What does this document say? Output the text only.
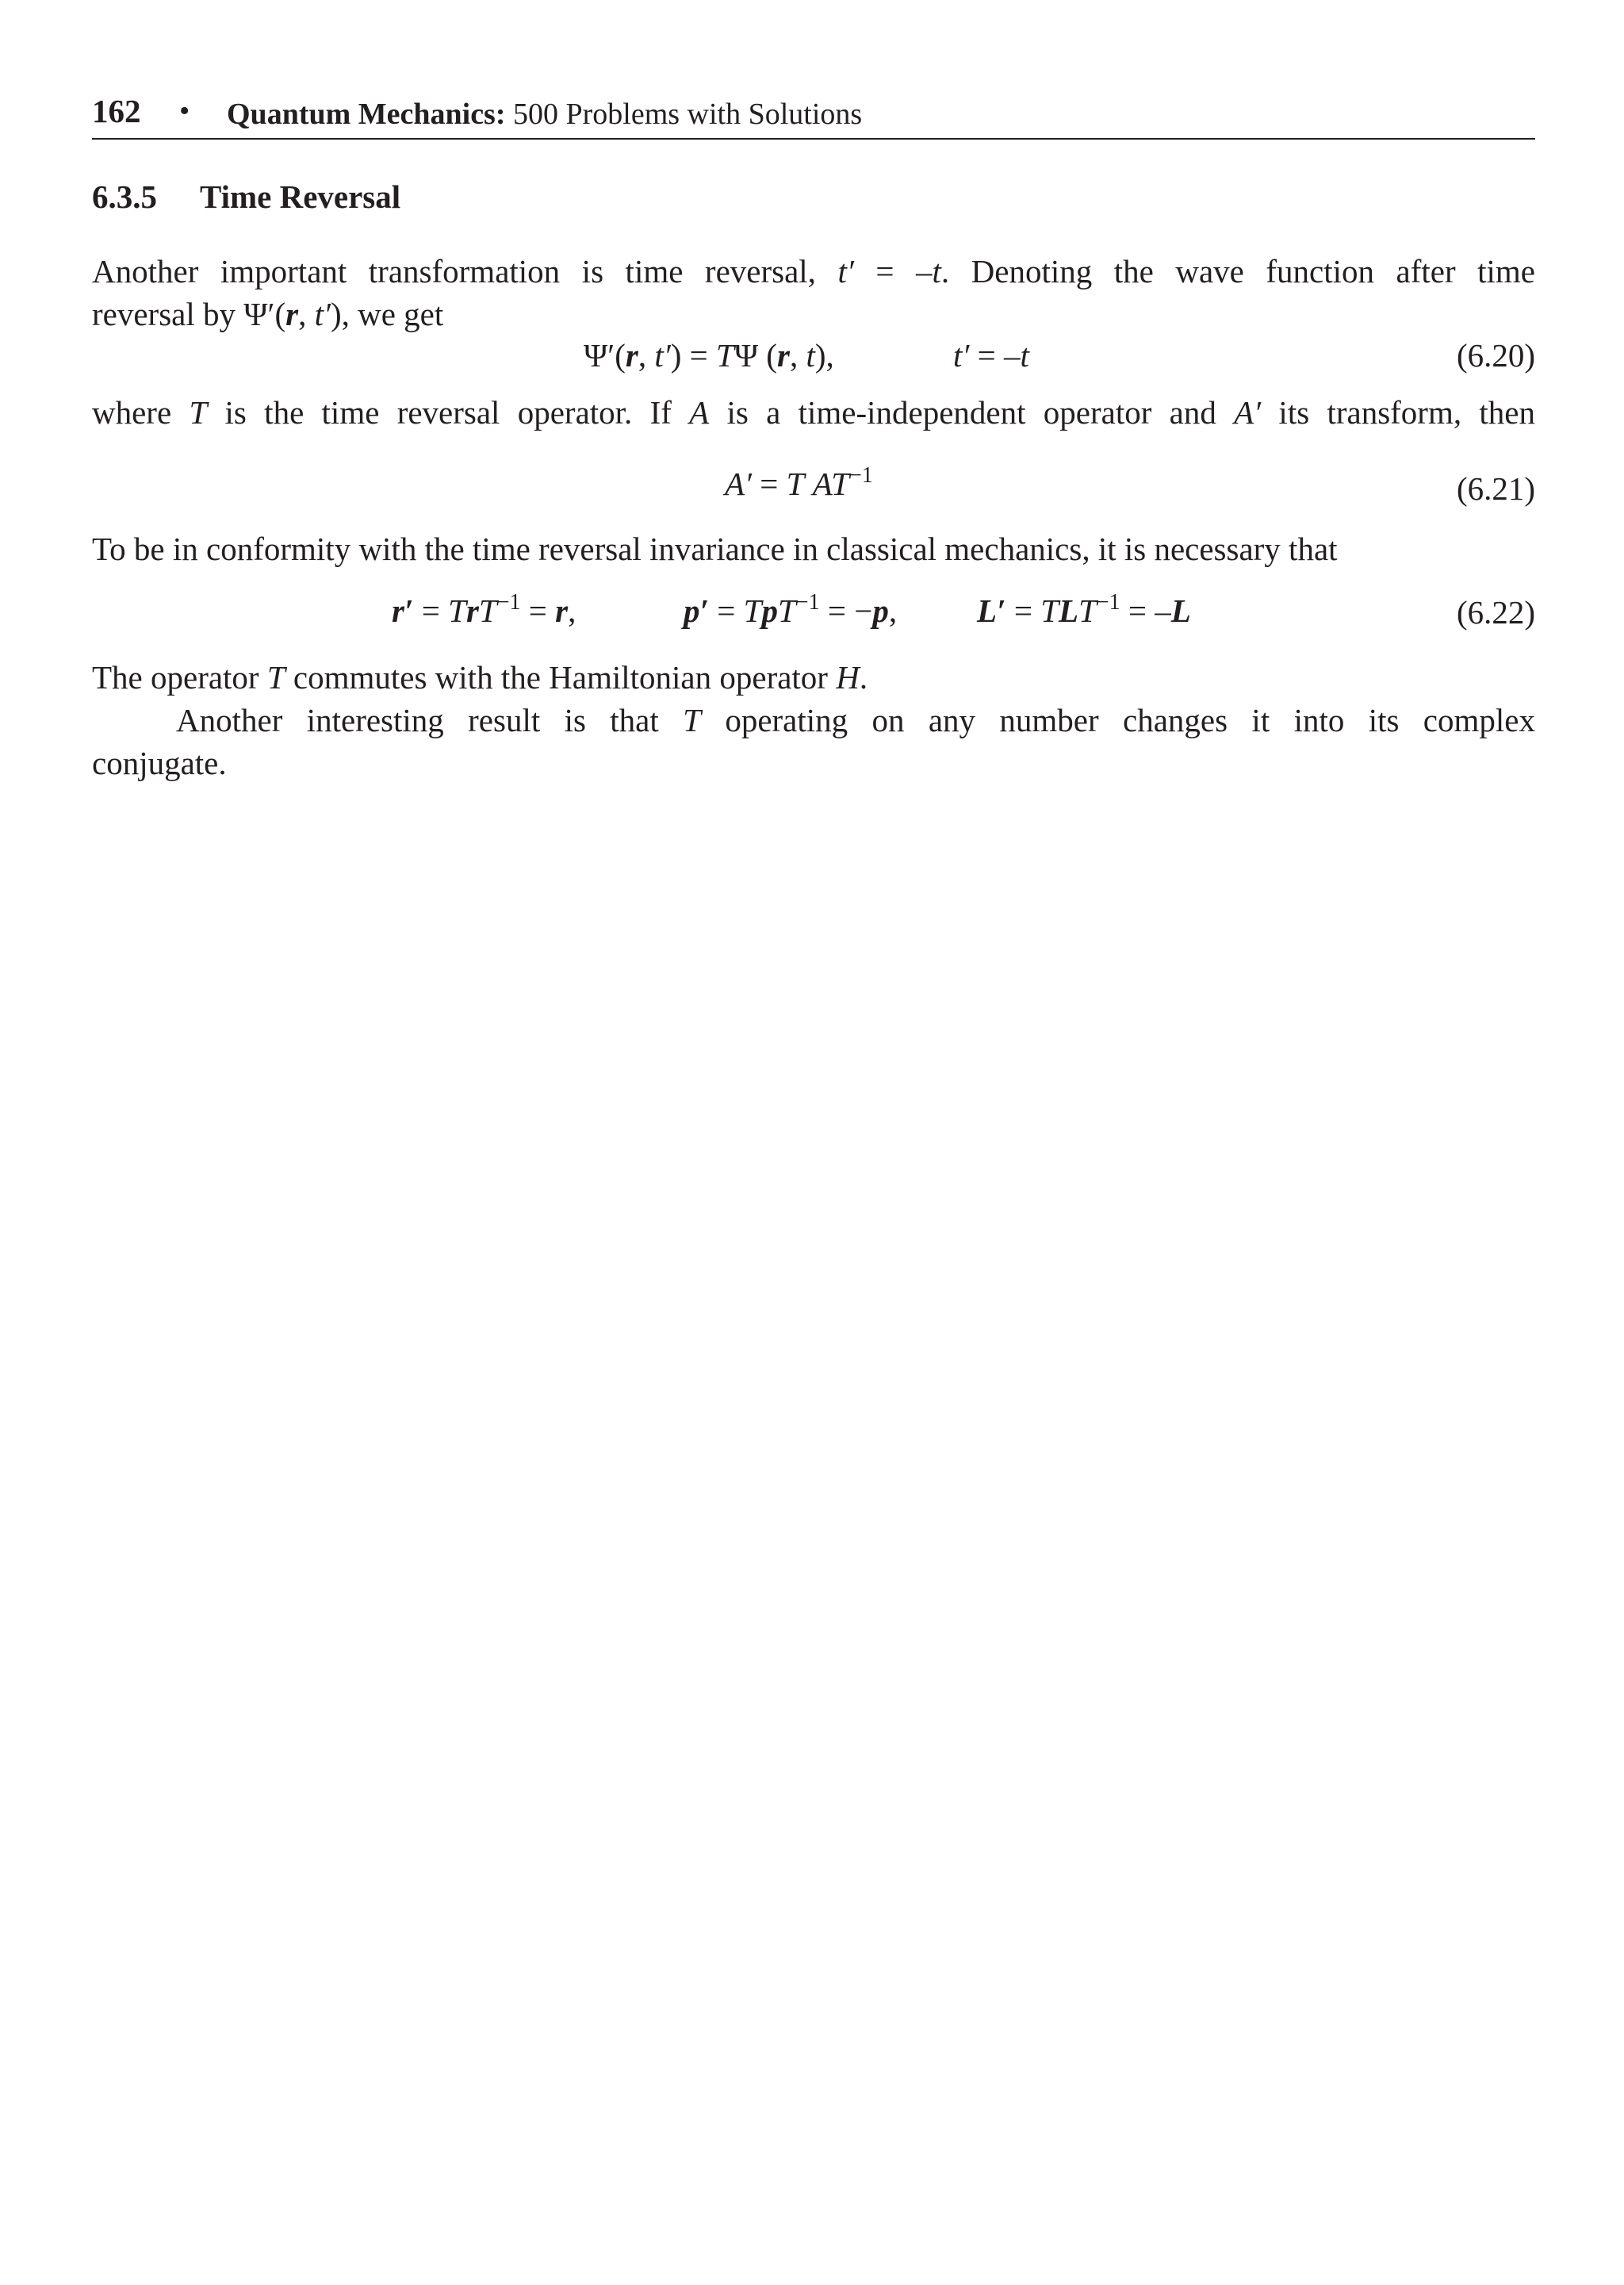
162 • Quantum Mechanics: 500 Problems with Solutions
6.3.5 Time Reversal
Another important transformation is time reversal, t′ = –t. Denoting the wave function after time
reversal by Ψ′(r, t′), we get
Ψ′(r, t′) = TΨ (r, t),	t′ = –t	(6.20)
where T is the time reversal operator. If A is a time-independent operator and A′ its transform, then
A′ = T $AT^{-1}$	(6.21)
To be in conformity with the time reversal invariance in classical mechanics, it is necessary that
r′ = TrT$^{-1}$ = r,	p′ = TpT$^{-1}$ = −p, $L' = TLT^{-1} = -L$	(6.22)
The operator T commutes with the Hamiltonian operator H.
Another interesting result is that T operating on any number changes it into its complex
conjugate.
